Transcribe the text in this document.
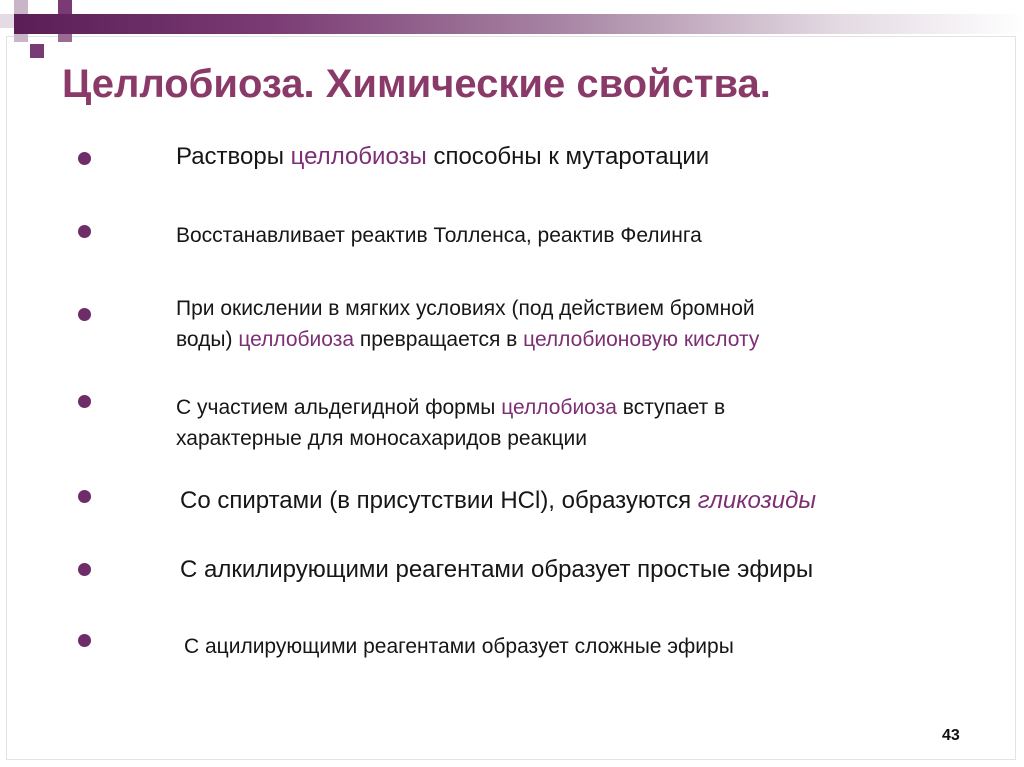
Целлобиоза. Химические свойства.
Растворы целлобиозы способны к мутаротации
Восстанавливает реактив Толленса, реактив Фелинга
При окислении в мягких условиях (под действием бромной
воды) целлобиоза превращается в целлобионовую кислоту
С участием альдегидной формы целлобиоза вступает в
характерные для моносахаридов реакции
Со спиртами (в присутствии HCl), образуются гликозиды
С алкилирующими реагентами образует простые эфиры
С ацилирующими реагентами образует сложные эфиры
43
